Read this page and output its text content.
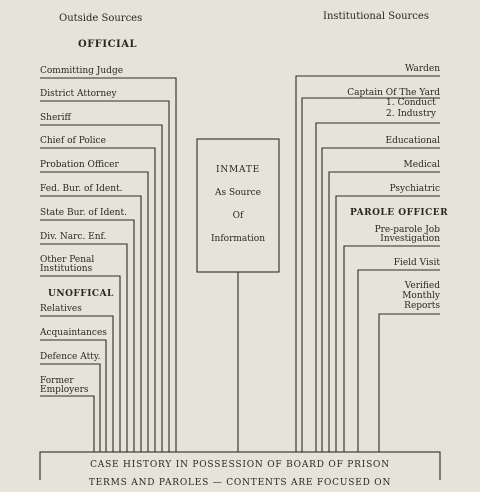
Outside Sources	Institutional Sources
OFFICIAL
Committing Judge
District Attorney
Sheriff
Chief of Police
Probation Officer
Fed. Bur. of Ident.
State Bur. of Ident.
Div. Narc. Enf.
Other Penal
Institutions
UNOFFICAL
Relatives
Acquaintances
Defence Atty.
Former
Employers
Warden
Captain Of The Yard
1. Conduct
2. Industry
Educational
Medical
Psychiatric
PAROLE OFFICER
Pre-parole Job
Investigation
Field Visit
Verified
Monthly
Reports
INMATE
As Source
Of
Information
CASE HISTORY IN POSSESSION OF BOARD OF PRISON
TERMS AND PAROLES — CONTENTS ARE FOCUSED ON
